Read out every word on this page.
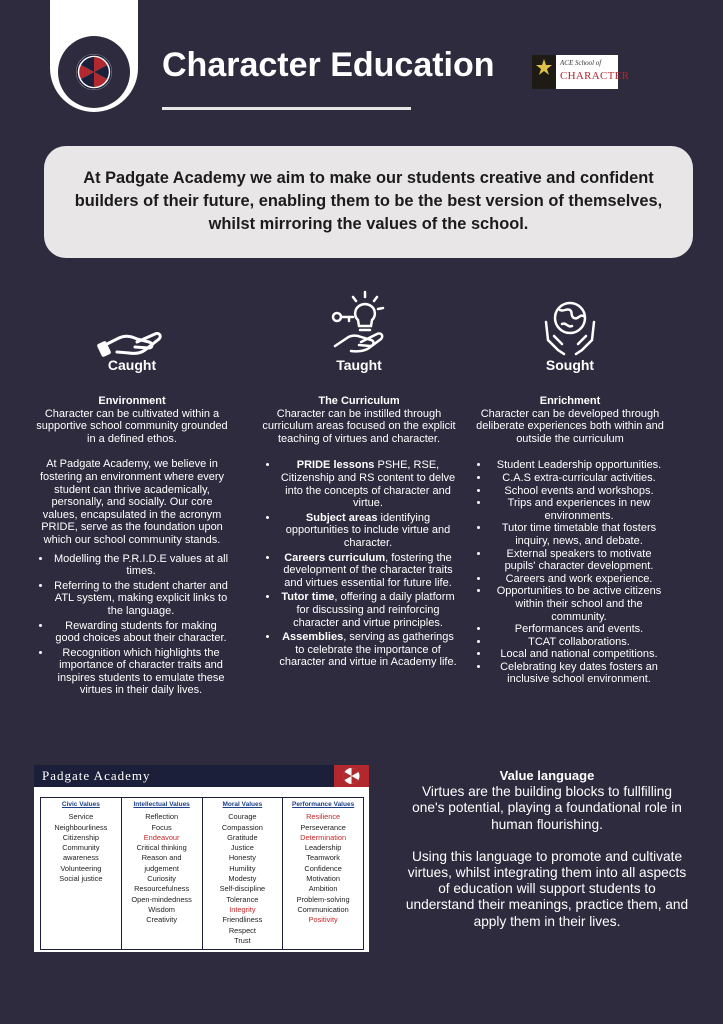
Character Education	ACE School of
CHARACTER
At Padgate Academy we aim to make our students creative and confident builders of their future, enabling them to be the best version of themselves, whilst mirroring the values of the school.
Caught

Environment

Character can be cultivated within a supportive school community grounded in a defined ethos.

At Padgate Academy, we believe in fostering an environment where every student can thrive academically, personally, and socially. Our core values, encapsulated in the acronym PRIDE, serve as the foundation upon which our school community stands.

• Modelling the P.R.I.D.E values at all times.
• Referring to the student charter and ATL system, making explicit links to the language.
• Rewarding students for making good choices about their character.
• Recognition which highlights the importance of character traits and inspires students to emulate these virtues in their daily lives.
Taught

The Curriculum

Character can be instilled through curriculum areas focused on the explicit teaching of virtues and character.

• PRIDE lessons PSHE, RSE, Citizenship and RS content to delve into the concepts of character and virtue.
• Subject areas identifying opportunities to include virtue and character.
• Careers curriculum, fostering the development of the character traits and virtues essential for future life.
• Tutor time, offering a daily platform for discussing and reinforcing character and virtue principles.
• Assemblies, serving as gatherings to celebrate the importance of character and virtue in Academy life.
Sought

Enrichment

Character can be developed through deliberate experiences both within and outside the curriculum

• Student Leadership opportunities.
• C.A.S extra-curricular activities.
• School events and workshops.
• Trips and experiences in new environments.
• Tutor time timetable that fosters inquiry, news, and debate.
• External speakers to motivate pupils' character development.
• Careers and work experience.
• Opportunities to be active citizens within their school and the community.
• Performances and events.
• TCAT collaborations.
• Local and national competitions.
• Celebrating key dates fosters an inclusive school environment.
Padgate Academy
Civic Values
Service
Neighbourliness
Citizenship
Community
awareness
Volunteering
Social justice
Intellectual Values
Reflection
Focus
Endeavour
Critical thinking
Reason and
judgement
Curiosity
Resourcefulness
Open-mindedness
Wisdom
Creativity
Moral Values
Courage
Compassion
Gratitude
Justice
Honesty
Humility
Modesty
Self-discipline
Tolerance
Integrity
Friendliness
Respect
Trust
Performance Values
Resilience
Perseverance
Determination
Leadership
Teamwork
Confidence
Motivation
Ambition
Problem-solving
Communication
Positivity
Value language
Virtues are the building blocks to fullfilling one's potential, playing a foundational role in human flourishing.
Using this language to promote and cultivate virtues, whilst integrating them into all aspects of education will support students to understand their meanings, practice them, and apply them in their lives.
